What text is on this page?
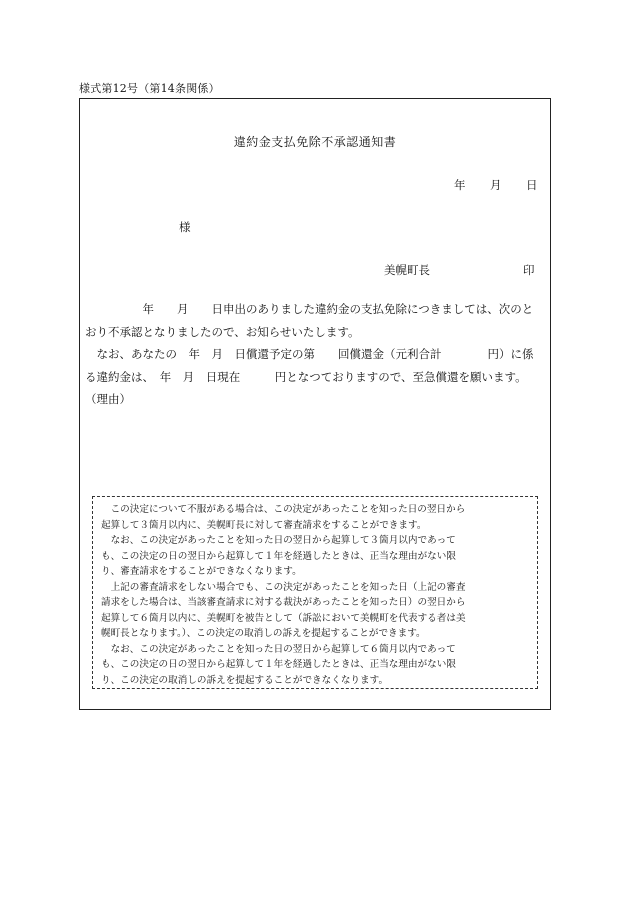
様式第12号（第14条関係）
違約金支払免除不承認通知書
年 月 日
様
美幌町長	印

　　　　　年　　月　　日申出のありました違約金の支払免除につきましては、次のと

おり不承認となりましたので、お知らせいたします。

　なお、あなたの　年　月　日償還予定の第　　回償還金（元利合計　　　　円）に係

る違約金は、　年　月　日現在　　　円となつておりますので、至急償還を願います。

（理由）

　この決定について不服がある場合は、この決定があったことを知った日の翌日から

起算して３箇月以内に、美幌町長に対して審査請求をすることができます。

　なお、この決定があったことを知った日の翌日から起算して３箇月以内であって

も、この決定の日の翌日から起算して１年を経過したときは、正当な理由がない限

り、審査請求をすることができなくなります。

　上記の審査請求をしない場合でも、この決定があったことを知った日（上記の審査

請求をした場合は、当該審査請求に対する裁決があったことを知った日）の翌日から

起算して６箇月以内に、美幌町を被告として（訴訟において美幌町を代表する者は美

幌町長となります。）、この決定の取消しの訴えを提起することができます。

　なお、この決定があったことを知った日の翌日から起算して６箇月以内であって

も、この決定の日の翌日から起算して１年を経過したときは、正当な理由がない限

り、この決定の取消しの訴えを提起することができなくなります。
